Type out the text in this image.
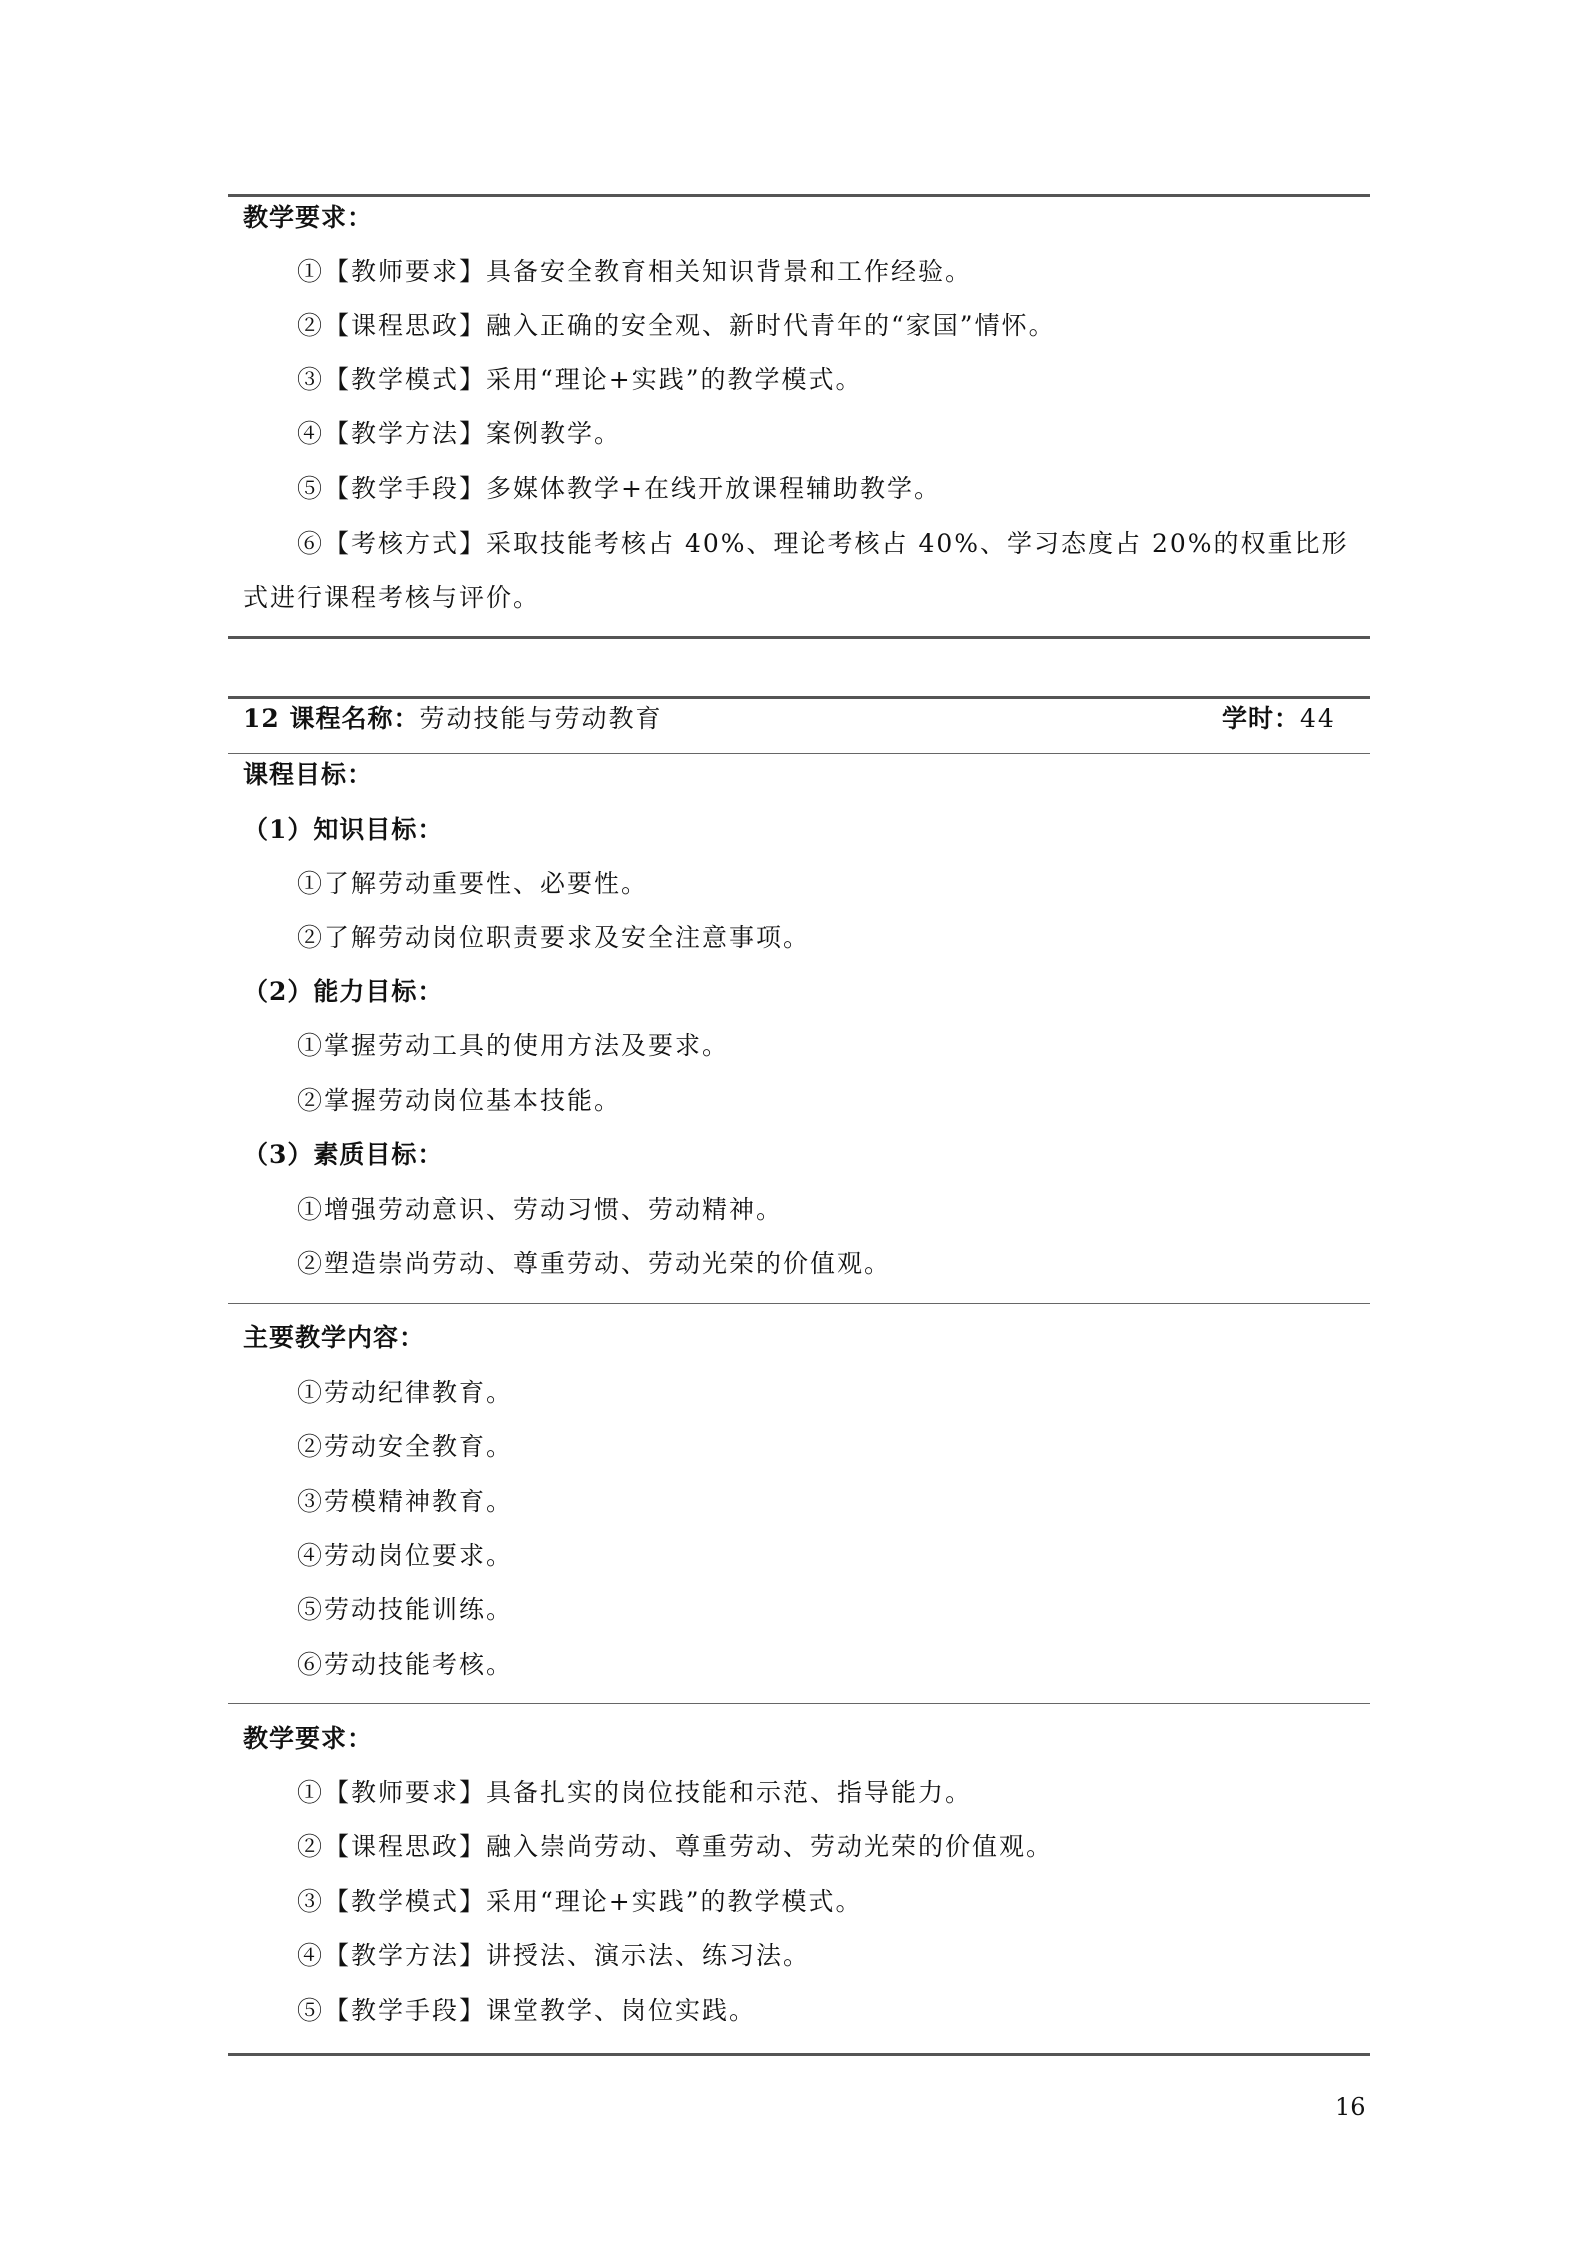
教学要求：
①【教师要求】具备安全教育相关知识背景和工作经验。
②【课程思政】融入正确的安全观、新时代青年的“家国”情怀。
③【教学模式】采用“理论+实践”的教学模式。
④【教学方法】案例教学。
⑤【教学手段】多媒体教学+在线开放课程辅助教学。
⑥【考核方式】采取技能考核占 40%、理论考核占 40%、学习态度占 20%的权重比形
式进行课程考核与评价。
12 课程名称：劳动技能与劳动教育	学时：44
课程目标：
（1）知识目标：
①了解劳动重要性、必要性。
②了解劳动岗位职责要求及安全注意事项。
（2）能力目标：
①掌握劳动工具的使用方法及要求。
②掌握劳动岗位基本技能。
（3）素质目标：
①增强劳动意识、劳动习惯、劳动精神。
②塑造崇尚劳动、尊重劳动、劳动光荣的价值观。
主要教学内容：
①劳动纪律教育。
②劳动安全教育。
③劳模精神教育。
④劳动岗位要求。
⑤劳动技能训练。
⑥劳动技能考核。
教学要求：
①【教师要求】具备扎实的岗位技能和示范、指导能力。
②【课程思政】融入崇尚劳动、尊重劳动、劳动光荣的价值观。
③【教学模式】采用“理论+实践”的教学模式。
④【教学方法】讲授法、演示法、练习法。
⑤【教学手段】课堂教学、岗位实践。
16
